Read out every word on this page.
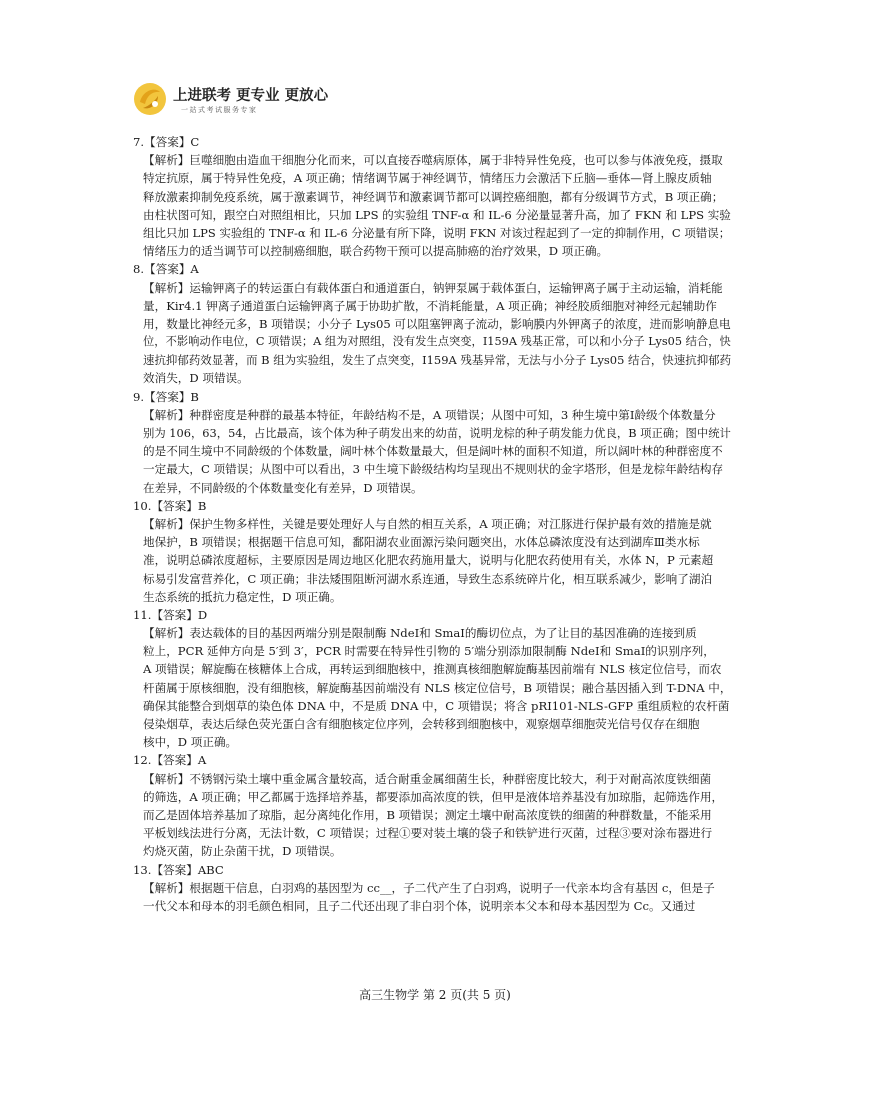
上进联考 更专业 更放心
一站式考试服务专家
7.【答案】C
【解析】巨噬细胞由造血干细胞分化而来，可以直接吞噬病原体，属于非特异性免疫，也可以参与体液免疫，摄取
特定抗原，属于特异性免疫，A 项正确；情绪调节属于神经调节，情绪压力会激活下丘脑—垂体—肾上腺皮质轴
释放激素抑制免疫系统，属于激素调节，神经调节和激素调节都可以调控癌细胞，都有分级调节方式，B 项正确；
由柱状图可知，跟空白对照组相比，只加 LPS 的实验组 TNF-α 和 IL-6 分泌量显著升高，加了 FKN 和 LPS 实验
组比只加 LPS 实验组的 TNF-α 和 IL-6 分泌量有所下降，说明 FKN 对该过程起到了一定的抑制作用，C 项错误；
情绪压力的适当调节可以控制癌细胞，联合药物干预可以提高肺癌的治疗效果，D 项正确。
8.【答案】A
【解析】运输钾离子的转运蛋白有载体蛋白和通道蛋白，钠钾泵属于载体蛋白，运输钾离子属于主动运输，消耗能
量，Kir4.1 钾离子通道蛋白运输钾离子属于协助扩散，不消耗能量，A 项正确；神经胶质细胞对神经元起辅助作
用，数量比神经元多，B 项错误；小分子 Lys05 可以阻塞钾离子流动，影响膜内外钾离子的浓度，进而影响静息电
位，不影响动作电位，C 项错误；A 组为对照组，没有发生点突变，I159A 残基正常，可以和小分子 Lys05 结合，快
速抗抑郁药效显著，而 B 组为实验组，发生了点突变，I159A 残基异常，无法与小分子 Lys05 结合，快速抗抑郁药
效消失，D 项错误。
9.【答案】B
【解析】种群密度是种群的最基本特征，年龄结构不是，A 项错误；从图中可知，3 种生境中第Ⅰ龄级个体数量分
别为 106，63，54，占比最高，该个体为种子萌发出来的幼苗，说明龙棕的种子萌发能力优良，B 项正确；图中统计
的是不同生境中不同龄级的个体数量，阔叶林个体数量最大，但是阔叶林的面积不知道，所以阔叶林的种群密度不
一定最大，C 项错误；从图中可以看出，3 中生境下龄级结构均呈现出不规则状的金字塔形，但是龙棕年龄结构存
在差异，不同龄级的个体数量变化有差异，D 项错误。
10.【答案】B
【解析】保护生物多样性，关键是要处理好人与自然的相互关系，A 项正确；对江豚进行保护最有效的措施是就
地保护，B 项错误；根据题干信息可知，鄱阳湖农业面源污染问题突出，水体总磷浓度没有达到湖库Ⅲ类水标
准，说明总磷浓度超标，主要原因是周边地区化肥农药施用量大，说明与化肥农药使用有关，水体 N，P 元素超
标易引发富营养化，C 项正确；非法矮围阻断河湖水系连通，导致生态系统碎片化，相互联系减少，影响了湖泊
生态系统的抵抗力稳定性，D 项正确。
11.【答案】D
【解析】表达载体的目的基因两端分别是限制酶 NdeⅠ和 SmaⅠ的酶切位点，为了让目的基因准确的连接到质
粒上，PCR 延伸方向是 5′到 3′，PCR 时需要在特异性引物的 5′端分别添加限制酶 NdeⅠ和 SmaⅠ的识别序列，
A 项错误；解旋酶在核糖体上合成，再转运到细胞核中，推测真核细胞解旋酶基因前端有 NLS 核定位信号，而农
杆菌属于原核细胞，没有细胞核，解旋酶基因前端没有 NLS 核定位信号，B 项错误；融合基因插入到 T-DNA 中，
确保其能整合到烟草的染色体 DNA 中，不是质 DNA 中，C 项错误；将含 pRI101-NLS-GFP 重组质粒的农杆菌
侵染烟草，表达后绿色荧光蛋白含有细胞核定位序列，会转移到细胞核中，观察烟草细胞荧光信号仅存在细胞
核中，D 项正确。
12.【答案】A
【解析】不锈钢污染土壤中重金属含量较高，适合耐重金属细菌生长，种群密度比较大，利于对耐高浓度铁细菌
的筛选，A 项正确；甲乙都属于选择培养基，都要添加高浓度的铁，但甲是液体培养基没有加琼脂，起筛选作用，
而乙是固体培养基加了琼脂，起分离纯化作用，B 项错误；测定土壤中耐高浓度铁的细菌的种群数量，不能采用
平板划线法进行分离，无法计数，C 项错误；过程①要对装土壤的袋子和铁铲进行灭菌，过程③要对涂布器进行
灼烧灭菌，防止杂菌干扰，D 项错误。
13.【答案】ABC
【解析】根据题干信息，白羽鸡的基因型为 cc__，子二代产生了白羽鸡，说明子一代亲本均含有基因 c，但是子
一代父本和母本的羽毛颜色相同，且子二代还出现了非白羽个体，说明亲本父本和母本基因型为 Cc。又通过
高三生物学 第 2 页(共 5 页)
